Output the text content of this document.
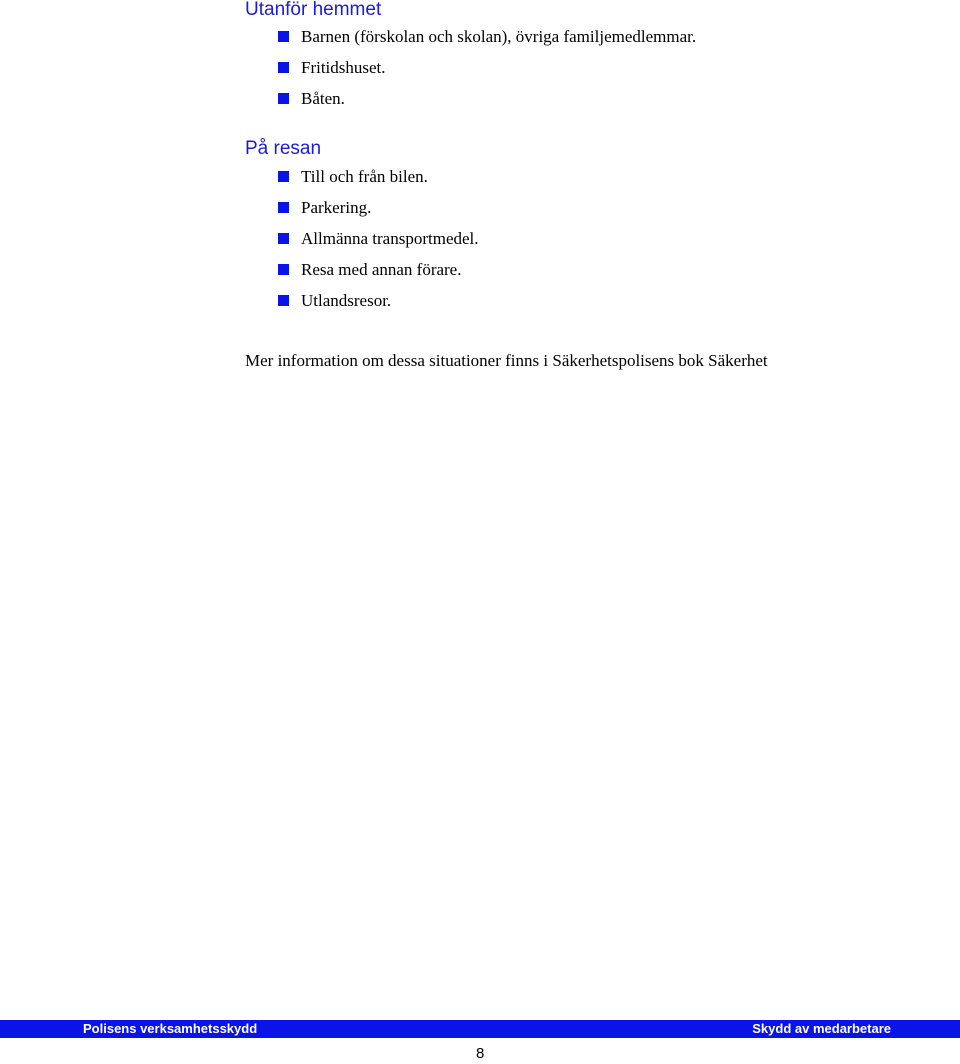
Utanför hemmet
Barnen (förskolan och skolan), övriga familjemedlemmar.
Fritidshuset.
Båten.
På resan
Till och från bilen.
Parkering.
Allmänna transportmedel.
Resa med annan förare.
Utlandsresor.
Mer information om dessa situationer finns i Säkerhetspolisens bok Säkerhet
Polisens verksamhetsskydd	Skydd av medarbetare
8
